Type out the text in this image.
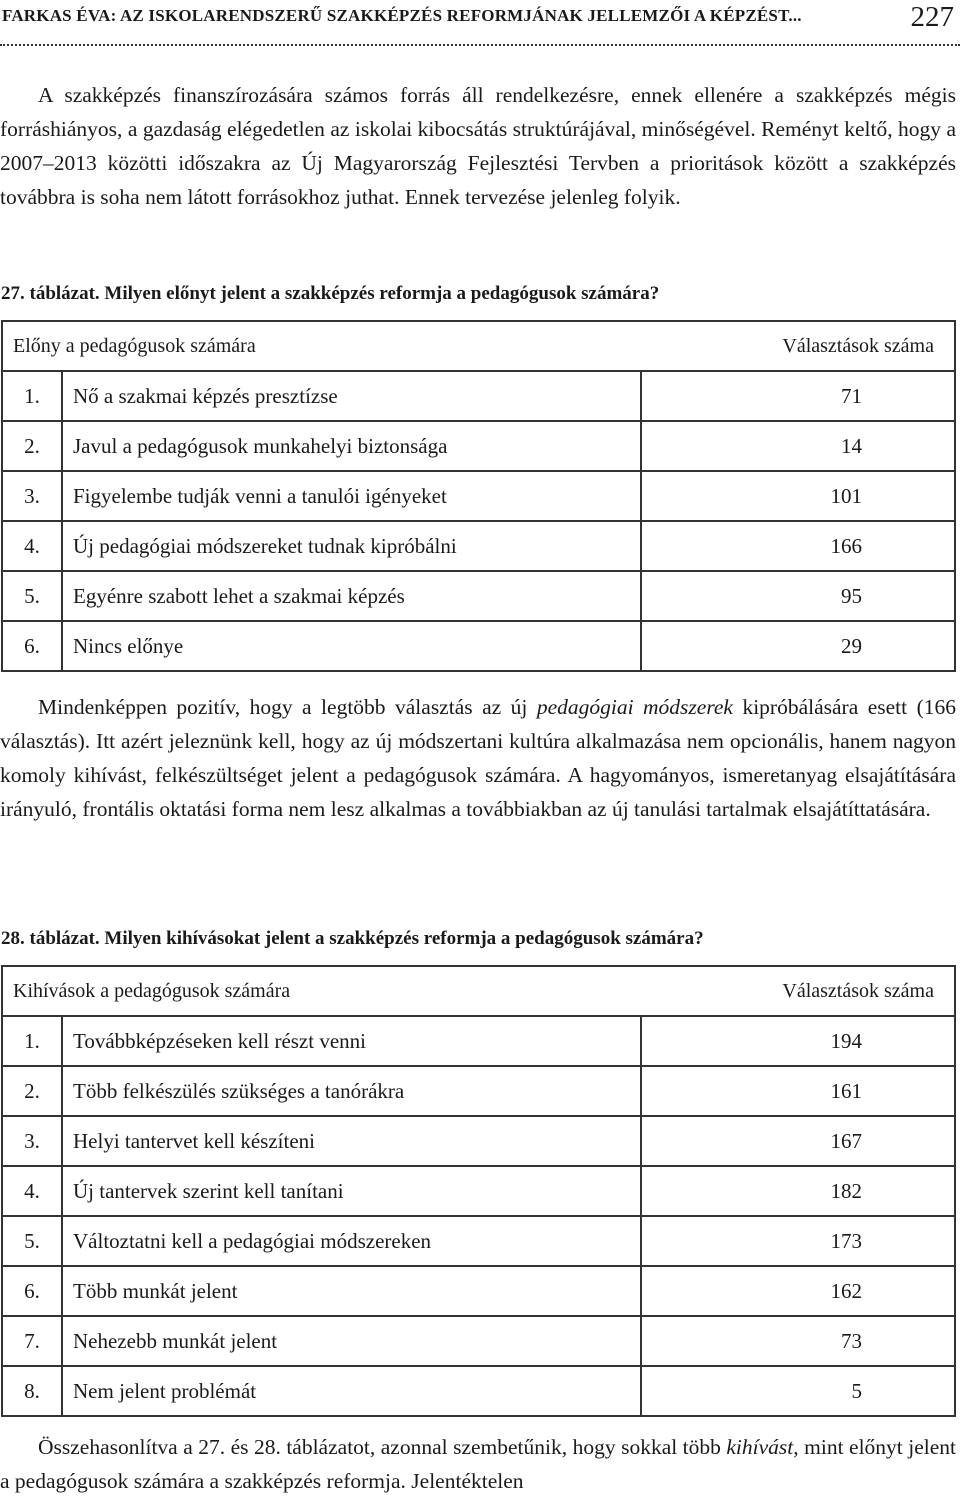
FARKAS ÉVA: AZ ISKOLARENDSZERŰ SZAKKÉPZÉS REFORMJÁNAK JELLEMZŐI A KÉPZÉST...	227

A szakképzés finanszírozására számos forrás áll rendelkezésre, ennek ellenére a szakképzés mégis forráshiányos, a gazdaság elégedetlen az iskolai kibocsátás struktúrájával, minőségével. Reményt keltő, hogy a 2007–2013 közötti időszakra az Új Magyarország Fejlesztési Tervben a prioritások között a szakképzés továbbra is soha nem látott forrásokhoz juthat. Ennek tervezése jelenleg folyik.

27. táblázat. Milyen előnyt jelent a szakképzés reformja a pedagógusok számára?
Előny a pedagógusok számára		Választások száma
1.	Nő a szakmai képzés presztízse	71
2.	Javul a pedagógusok munkahelyi biztonsága	14
3.	Figyelembe tudják venni a tanulói igényeket	101
4.	Új pedagógiai módszereket tudnak kipróbálni	166
5.	Egyénre szabott lehet a szakmai képzés	95
6.	Nincs előnye	29

Mindenképpen pozitív, hogy a legtöbb választás az új pedagógiai módszerek kipróbálására esett (166 választás). Itt azért jeleznünk kell, hogy az új módszertani kultúra alkalmazása nem opcionális, hanem nagyon komoly kihívást, felkészültséget jelent a pedagógusok számára. A hagyományos, ismeretanyag elsajátítására irányuló, frontális oktatási forma nem lesz alkalmas a továbbiakban az új tanulási tartalmak elsajátíttatására.

28. táblázat. Milyen kihívásokat jelent a szakképzés reformja a pedagógusok számára?
Kihívások a pedagógusok számára		Választások száma
1.	Továbbképzéseken kell részt venni	194
2.	Több felkészülés szükséges a tanórákra	161
3.	Helyi tantervet kell készíteni	167
4.	Új tantervek szerint kell tanítani	182
5.	Változtatni kell a pedagógiai módszereken	173
6.	Több munkát jelent	162
7.	Nehezebb munkát jelent	73
8.	Nem jelent problémát	5

Összehasonlítva a 27. és 28. táblázatot, azonnal szembetűnik, hogy sokkal több kihívást, mint előnyt jelent a pedagógusok számára a szakképzés reformja. Jelentéktelen
